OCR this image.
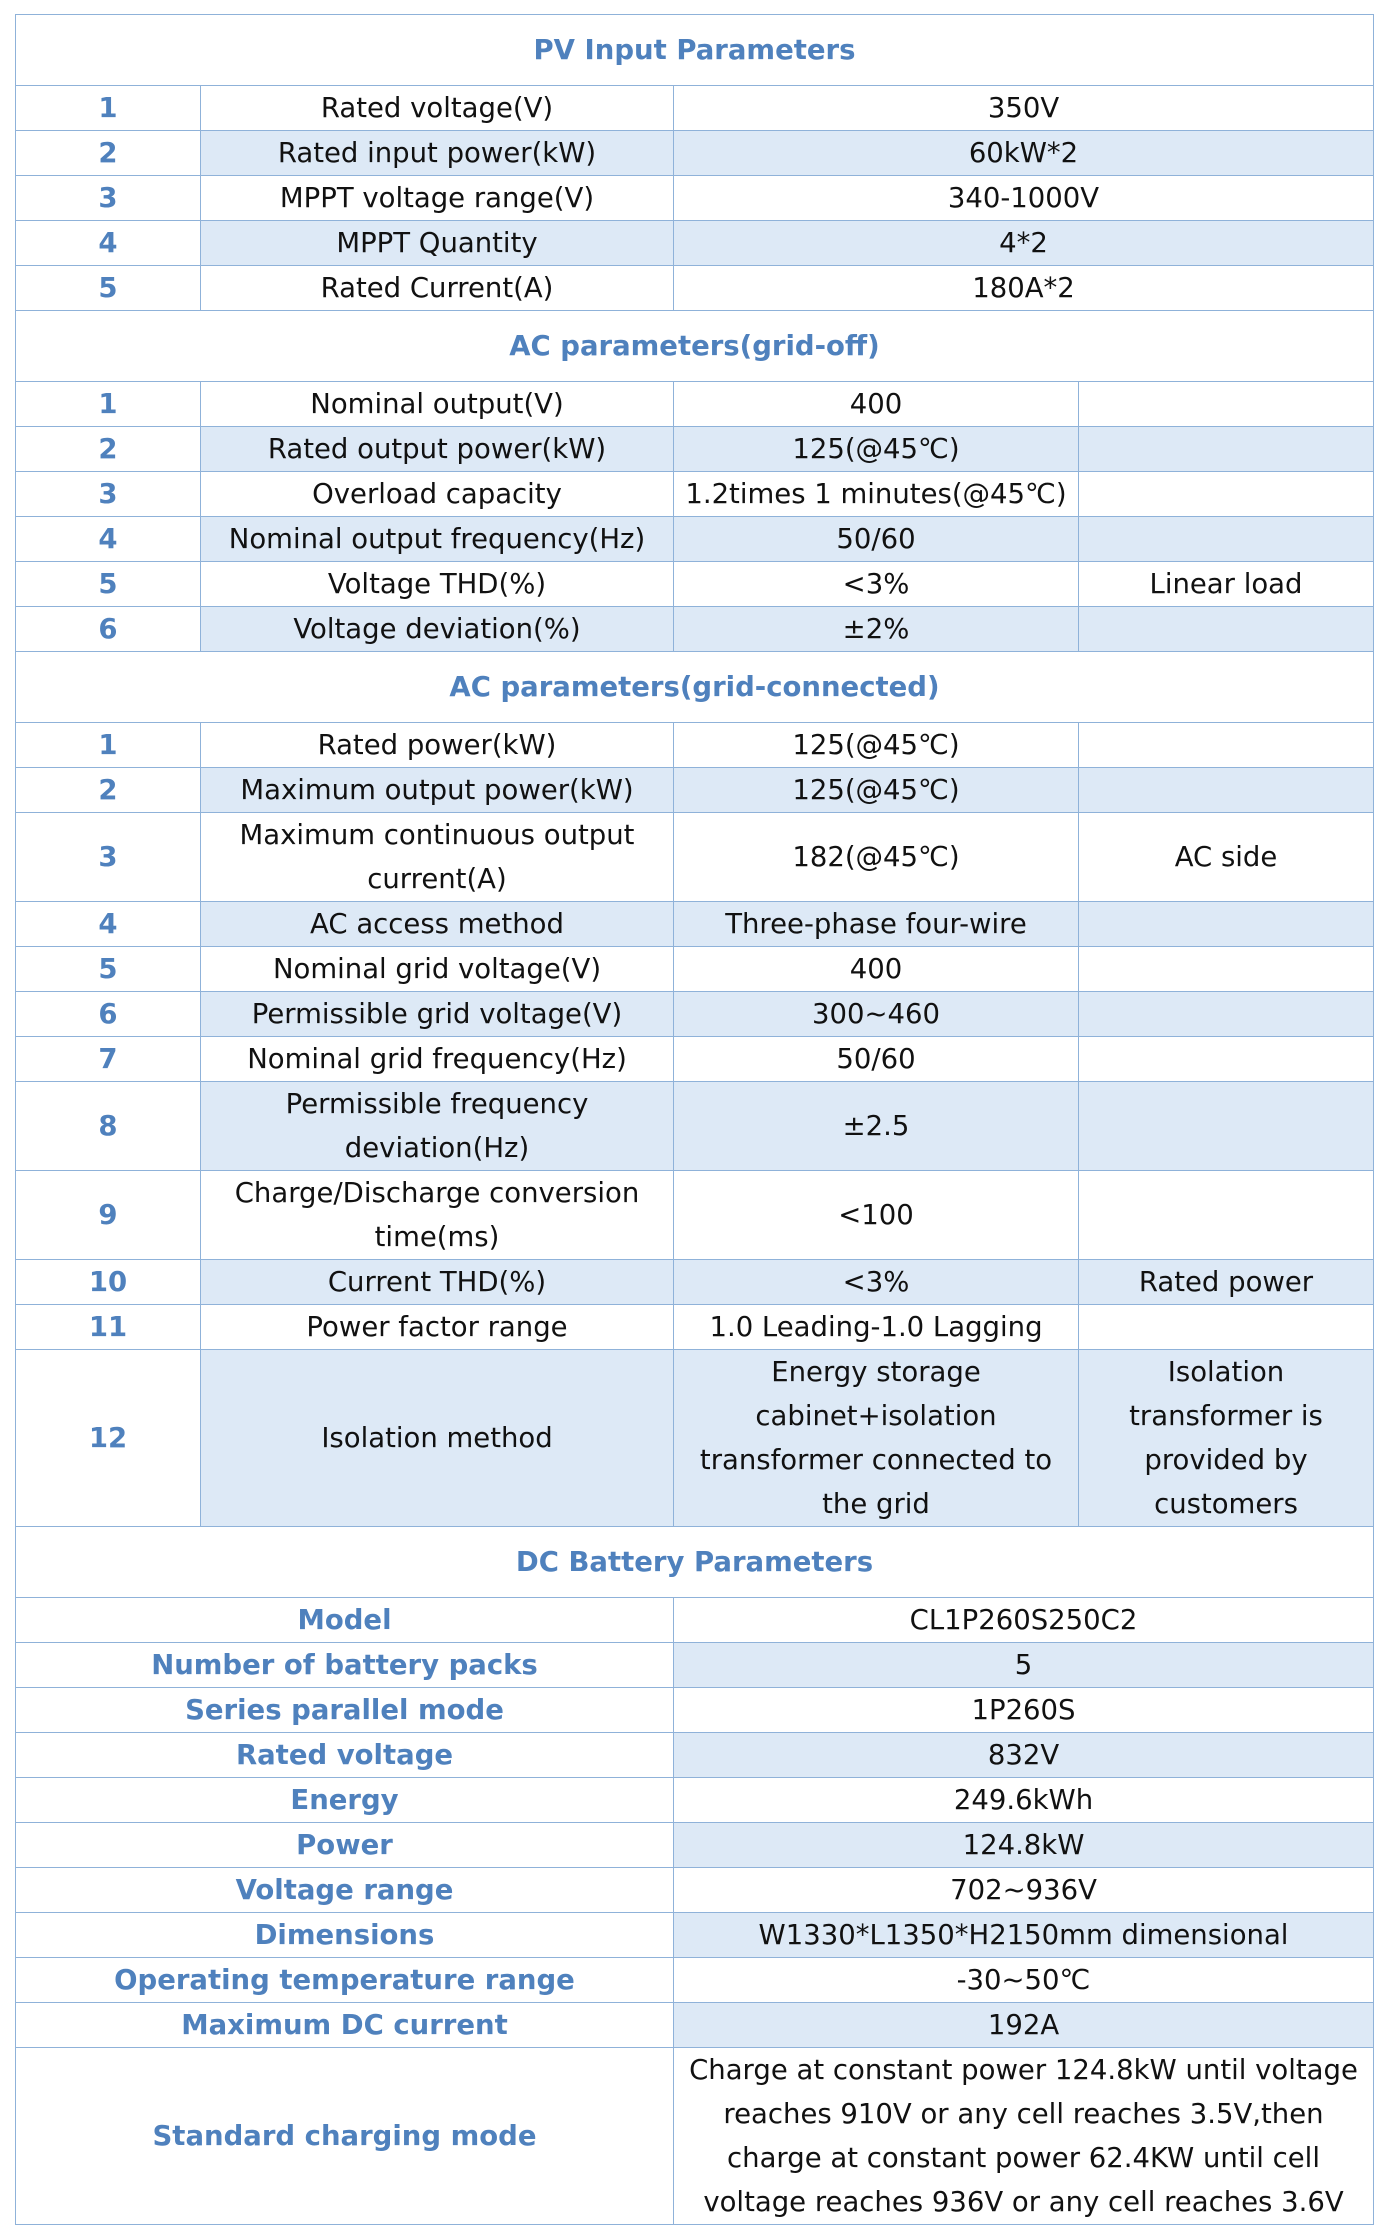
PV Input Parameters			
1	Rated voltage(V)	350V	
2	Rated input power(kW)	60kW*2	
3	MPPT voltage range(V)	340-1000V	
4	MPPT Quantity	4*2	
5	Rated Current(A)	180A*2	
AC parameters(grid-off)			
1	Nominal output(V)	400	
2	Rated output power(kW)	125(@45℃)	
3	Overload capacity	1.2times 1 minutes(@45℃)	
4	Nominal output frequency(Hz)	50/60	
5	Voltage THD(%)	<3%	Linear load
6	Voltage deviation(%)	±2%	
AC parameters(grid-connected)			
1	Rated power(kW)	125(@45℃)	
2	Maximum output power(kW)	125(@45℃)	
3	Maximum continuous output current(A)	182(@45℃)	AC side
4	AC access method	Three-phase four-wire	
5	Nominal grid voltage(V)	400	
6	Permissible grid voltage(V)	300~460	
7	Nominal grid frequency(Hz)	50/60	
8	Permissible frequency deviation(Hz)	±2.5	
9	Charge/Discharge conversion time(ms)	<100	
10	Current THD(%)	<3%	Rated power
11	Power factor range	1.0 Leading-1.0 Lagging	
12	Isolation method	Energy storage cabinet+isolation transformer connected to the grid	Isolation transformer is provided by customers
DC Battery Parameters			
Model		CL1P260S250C2	
Number of battery packs		5	
Series parallel mode		1P260S	
Rated voltage		832V	
Energy		249.6kWh	
Power		124.8kW	
Voltage range		702~936V	
Dimensions		W1330*L1350*H2150mm dimensional	
Operating temperature range		-30~50℃	
Maximum DC current		192A	
Standard charging mode		Charge at constant power 124.8kW until voltage reaches 910V or any cell reaches 3.5V,then charge at constant power 62.4KW until cell voltage reaches 936V or any cell reaches 3.6V	
